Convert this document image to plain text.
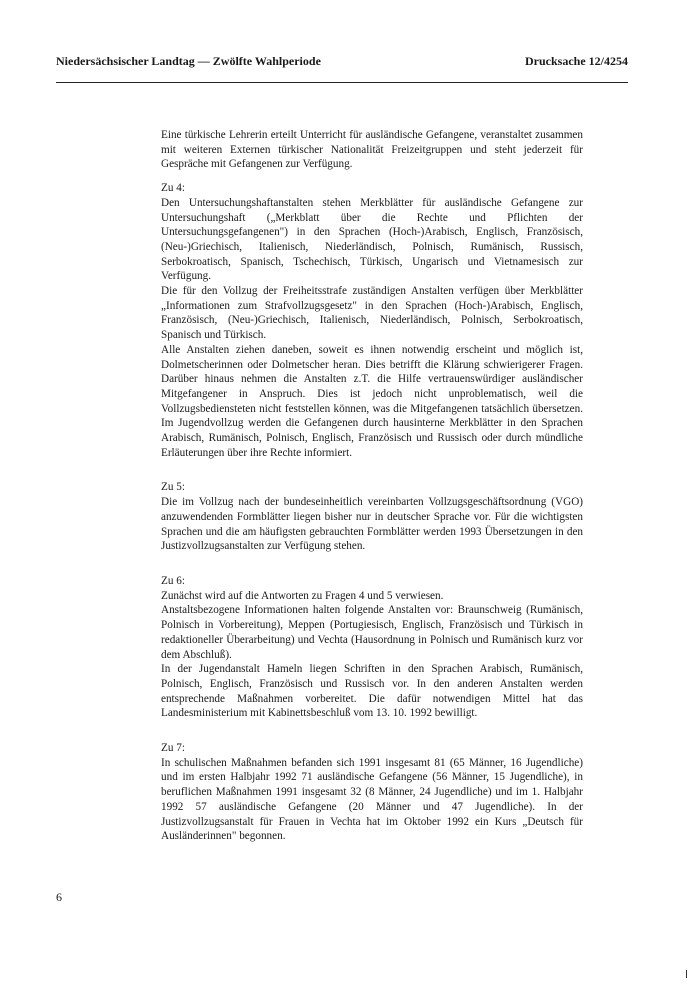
Niedersächsischer Landtag — Zwölfte Wahlperiode	Drucksache 12/4254

Eine türkische Lehrerin erteilt Unterricht für ausländische Gefangene, veranstaltet zusammen mit weiteren Externen türkischer Nationalität Freizeitgruppen und steht jederzeit für Gespräche mit Gefangenen zur Verfügung.

Zu 4:

Den Untersuchungshaftanstalten stehen Merkblätter für ausländische Gefangene zur Untersuchungshaft („Merkblatt über die Rechte und Pflichten der Untersuchungsgefangenen") in den Sprachen (Hoch-)Arabisch, Englisch, Französisch, (Neu-)Griechisch, Italienisch, Niederländisch, Polnisch, Rumänisch, Russisch, Serbokroatisch, Spanisch, Tschechisch, Türkisch, Ungarisch und Vietnamesisch zur Verfügung.

Die für den Vollzug der Freiheitsstrafe zuständigen Anstalten verfügen über Merkblätter „Informationen zum Strafvollzugsgesetz" in den Sprachen (Hoch-)Arabisch, Englisch, Französisch, (Neu-)Griechisch, Italienisch, Niederländisch, Polnisch, Serbokroatisch, Spanisch und Türkisch.

Alle Anstalten ziehen daneben, soweit es ihnen notwendig erscheint und möglich ist, Dolmetscherinnen oder Dolmetscher heran. Dies betrifft die Klärung schwierigerer Fragen. Darüber hinaus nehmen die Anstalten z.T. die Hilfe vertrauenswürdiger ausländischer Mitgefangener in Anspruch. Dies ist jedoch nicht unproblematisch, weil die Vollzugsbediensteten nicht feststellen können, was die Mitgefangenen tatsächlich übersetzen. Im Jugendvollzug werden die Gefangenen durch hausinterne Merkblätter in den Sprachen Arabisch, Rumänisch, Polnisch, Englisch, Französisch und Russisch oder durch mündliche Erläuterungen über ihre Rechte informiert.

Zu 5:

Die im Vollzug nach der bundeseinheitlich vereinbarten Vollzugsgeschäftsordnung (VGO) anzuwendenden Formblätter liegen bisher nur in deutscher Sprache vor. Für die wichtigsten Sprachen und die am häufigsten gebrauchten Formblätter werden 1993 Übersetzungen in den Justizvollzugsanstalten zur Verfügung stehen.

Zu 6:

Zunächst wird auf die Antworten zu Fragen 4 und 5 verwiesen.

Anstaltsbezogene Informationen halten folgende Anstalten vor: Braunschweig (Rumänisch, Polnisch in Vorbereitung), Meppen (Portugiesisch, Englisch, Französisch und Türkisch in redaktioneller Überarbeitung) und Vechta (Hausordnung in Polnisch und Rumänisch kurz vor dem Abschluß).

In der Jugendanstalt Hameln liegen Schriften in den Sprachen Arabisch, Rumänisch, Polnisch, Englisch, Französisch und Russisch vor. In den anderen Anstalten werden entsprechende Maßnahmen vorbereitet. Die dafür notwendigen Mittel hat das Landesministerium mit Kabinettsbeschluß vom 13. 10. 1992 bewilligt.

Zu 7:

In schulischen Maßnahmen befanden sich 1991 insgesamt 81 (65 Männer, 16 Jugendliche) und im ersten Halbjahr 1992 71 ausländische Gefangene (56 Männer, 15 Jugendliche), in beruflichen Maßnahmen 1991 insgesamt 32 (8 Männer, 24 Jugendliche) und im 1. Halbjahr 1992 57 ausländische Gefangene (20 Männer und 47 Jugendliche). In der Justizvollzugsanstalt für Frauen in Vechta hat im Oktober 1992 ein Kurs „Deutsch für Ausländerinnen" begonnen.

6
